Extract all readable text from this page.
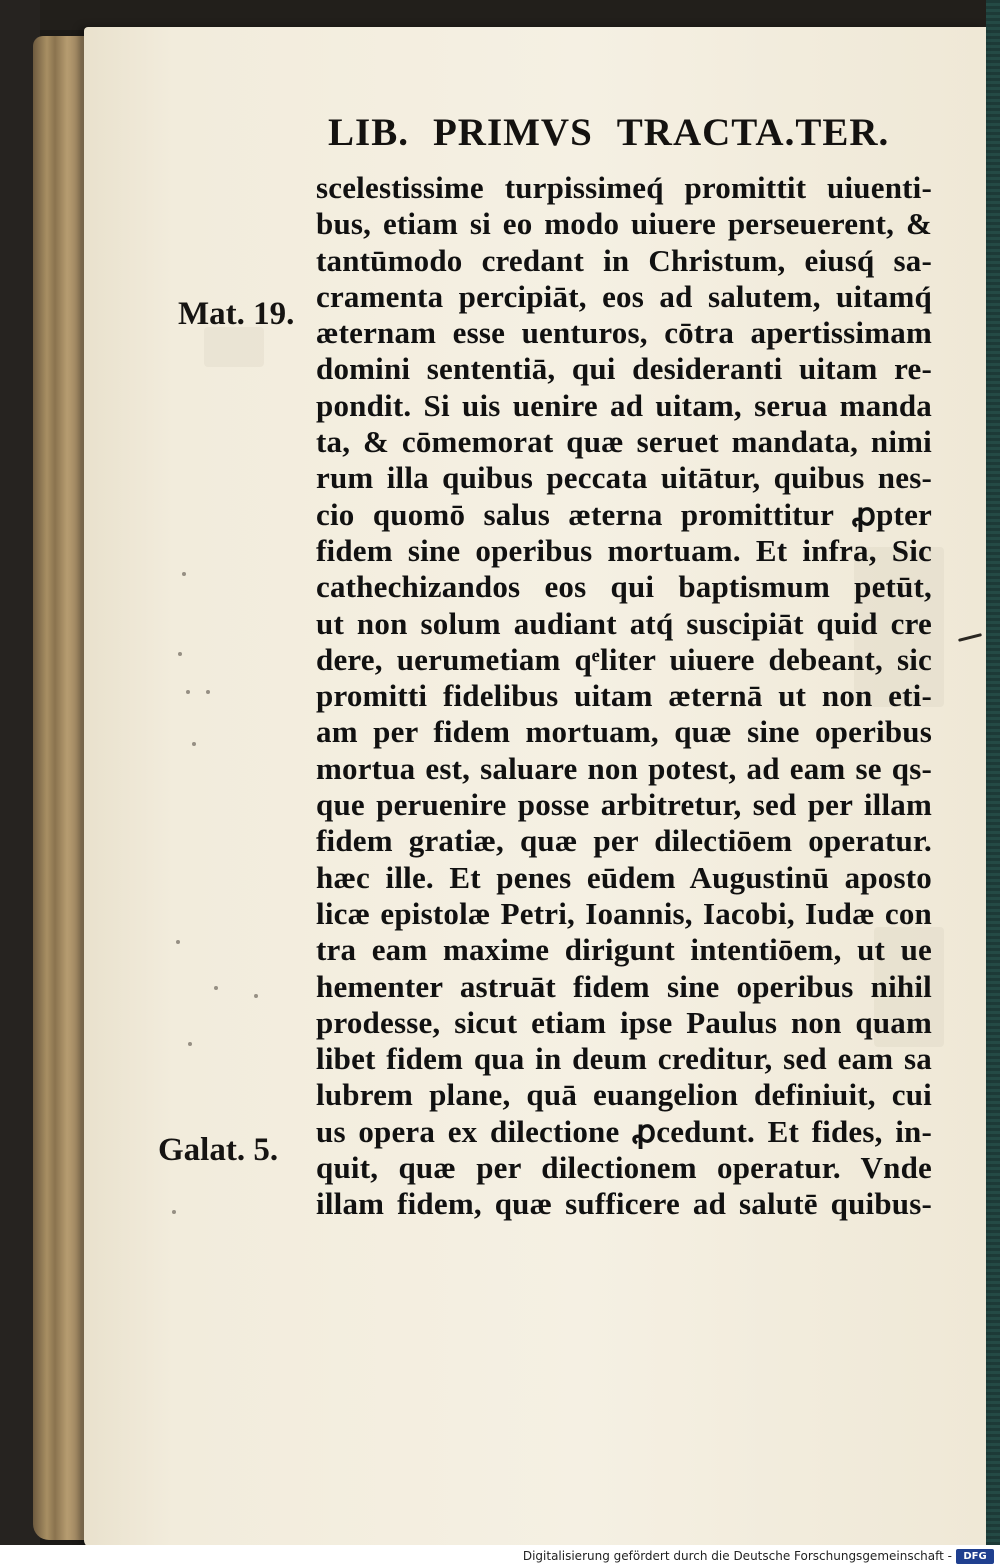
LIB. PRIMVS TRACTA.TER.
Mat. 19.
Galat. 5.
scelestissime turpissimeq́ promittit uiuenti-
bus, etiam si eo modo uiuere perseuerent, &
tantūmodo credant in Christum, eiusq́ sa-
cramenta percipiāt, eos ad salutem, uitamq́
æternam esse uenturos, cōtra apertissimam
domini sententiā, qui desideranti uitam re-
pondit. Si uis uenire ad uitam, serua manda
ta, & cōmemorat quæ seruet mandata, nimi
rum illa quibus peccata uitātur, quibus nes-
cio quomō salus æterna promittitur ꝓpter
fidem sine operibus mortuam. Et infra, Sic
cathechizandos eos qui baptismum petūt,
ut non solum audiant atq́ suscipiāt quid cre
dere, uerumetiam qͤliter uiuere debeant, sic
promitti fidelibus uitam æternā ut non eti-
am per fidem mortuam, quæ sine operibus
mortua est, saluare non potest, ad eam se qs-
que peruenire posse arbitretur, sed per illam
fidem gratiæ, quæ per dilectiōem operatur.
hæc ille. Et penes eūdem Augustinū aposto
licæ epistolæ Petri, Ioannis, Iacobi, Iudæ con
tra eam maxime dirigunt intentiōem, ut ue
hementer astruāt fidem sine operibus nihil
prodesse, sicut etiam ipse Paulus non quam
libet fidem qua in deum creditur, sed eam sa
lubrem plane, quā euangelion definiuit, cui
us opera ex dilectione ꝓcedunt. Et fides, in-
quit, quæ per dilectionem operatur. Vnde
illam fidem, quæ sufficere ad salutē quibus-
Digitalisierung gefördert durch die Deutsche Forschungsgemeinschaft -	DFG
